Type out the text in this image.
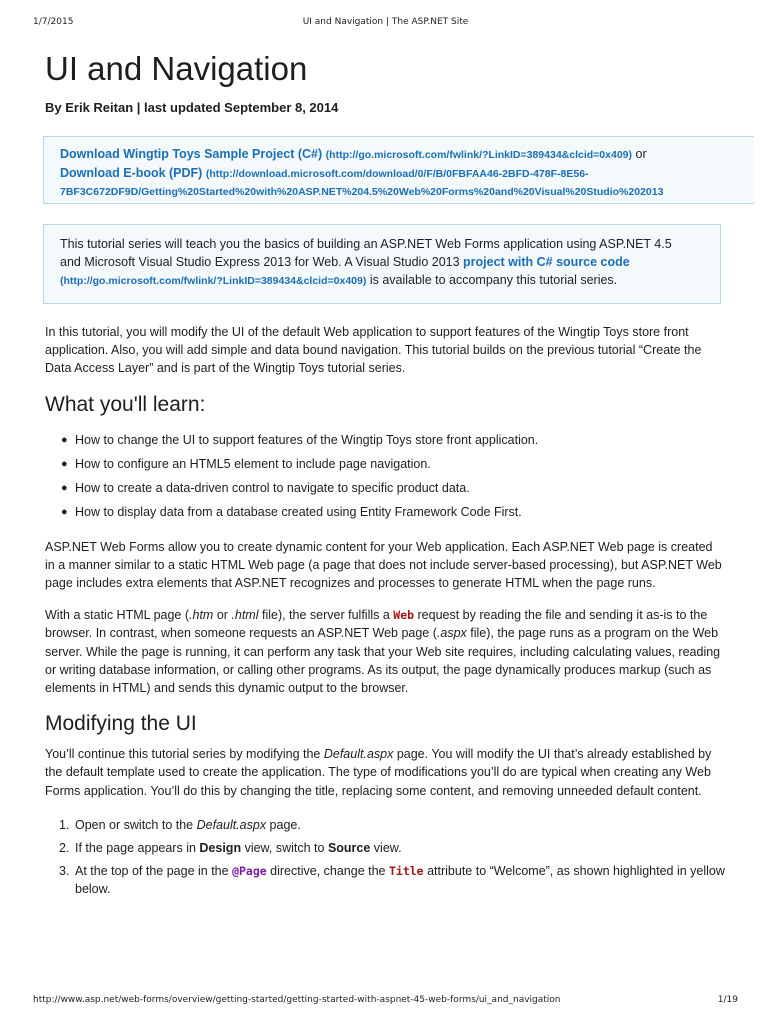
1/7/2015	UI and Navigation | The ASP.NET Site
UI and Navigation
By Erik Reitan | last updated September 8, 2014
Download Wingtip Toys Sample Project (C#) (http://go.microsoft.com/fwlink/?LinkID=389434&clcid=0x409) or
Download E-book (PDF) (http://download.microsoft.com/download/0/F/B/0FBFAA46-2BFD-478F-8E56-
7BF3C672DF9D/Getting%20Started%20with%20ASP.NET%204.5%20Web%20Forms%20and%20Visual%20Studio%202013
This tutorial series will teach you the basics of building an ASP.NET Web Forms application using ASP.NET 4.5
and Microsoft Visual Studio Express 2013 for Web. A Visual Studio 2013 project with C# source code
(http://go.microsoft.com/fwlink/?LinkID=389434&clcid=0x409) is available to accompany this tutorial series.

In this tutorial, you will modify the UI of the default Web application to support features of the Wingtip Toys store front application. Also, you will add simple and data bound navigation. This tutorial builds on the previous tutorial “Create the Data Access Layer” and is part of the Wingtip Toys tutorial series.

What you'll learn:
● How to change the UI to support features of the Wingtip Toys store front application.
● How to configure an HTML5 element to include page navigation.
● How to create a data-driven control to navigate to specific product data.
● How to display data from a database created using Entity Framework Code First.

ASP.NET Web Forms allow you to create dynamic content for your Web application. Each ASP.NET Web page is created in a manner similar to a static HTML Web page (a page that does not include server-based processing), but ASP.NET Web page includes extra elements that ASP.NET recognizes and processes to generate HTML when the page runs.

With a static HTML page (.htm or .html file), the server fulfills a Web request by reading the file and sending it as-is to the browser. In contrast, when someone requests an ASP.NET Web page (.aspx file), the page runs as a program on the Web server. While the page is running, it can perform any task that your Web site requires, including calculating values, reading or writing database information, or calling other programs. As its output, the page dynamically produces markup (such as elements in HTML) and sends this dynamic output to the browser.

Modifying the UI

You’ll continue this tutorial series by modifying the Default.aspx page. You will modify the UI that’s already established by the default template used to create the application. The type of modifications you’ll do are typical when creating any Web Forms application. You’ll do this by changing the title, replacing some content, and removing unneeded default content.

1. Open or switch to the Default.aspx page.
2. If the page appears in Design view, switch to Source view.
3. At the top of the page in the @Page directive, change the Title attribute to “Welcome”, as shown highlighted in yellow below.
http://www.asp.net/web-forms/overview/getting-started/getting-started-with-aspnet-45-web-forms/ui_and_navigation	1/19
